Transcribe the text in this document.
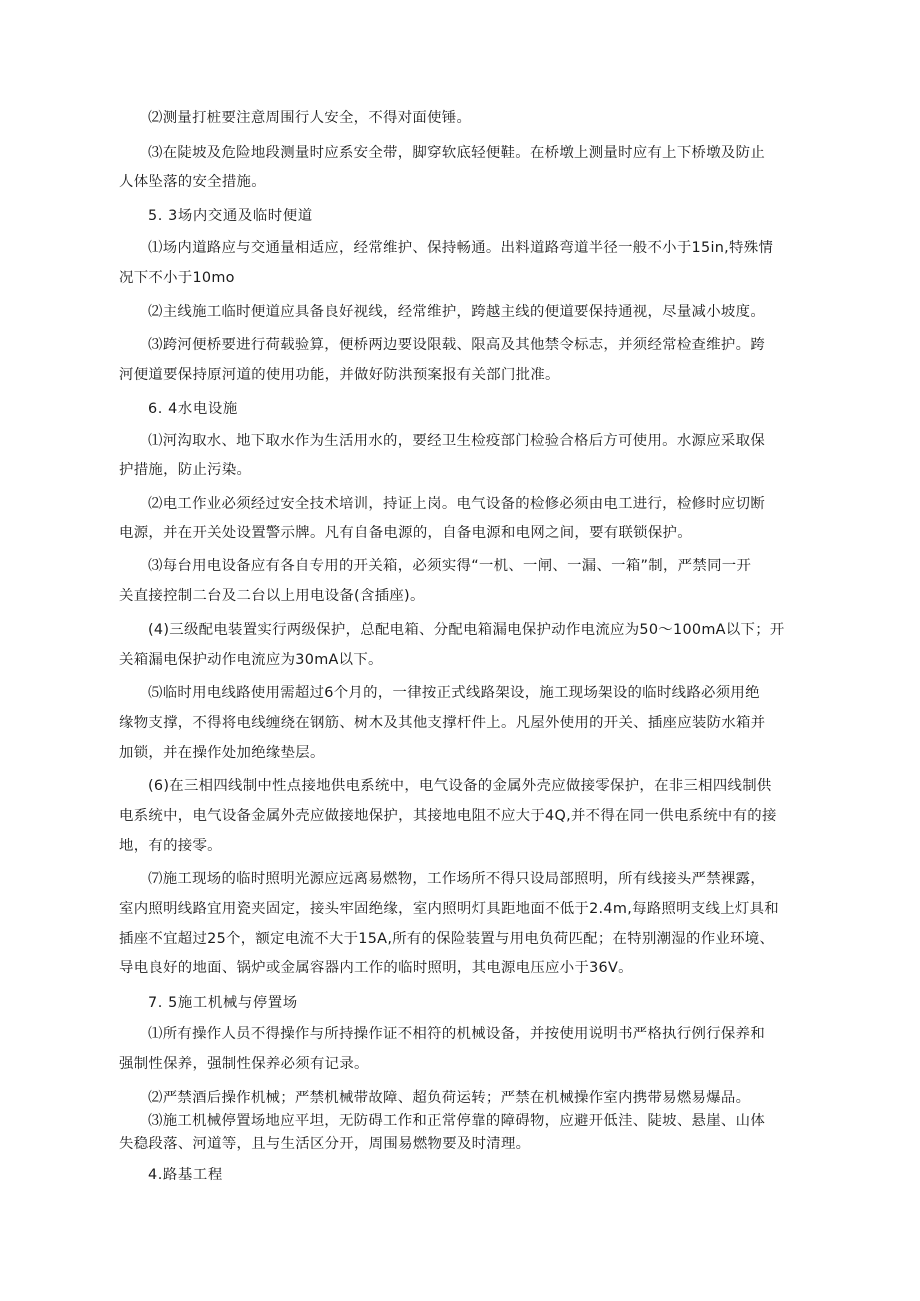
⑵测量打桩要注意周围行人安全，不得对面使锤。
⑶在陡坡及危险地段测量时应系安全带，脚穿软底轻便鞋。在桥墩上测量时应有上下桥墩及防止
人体坠落的安全措施。
5. 3场内交通及临时便道
⑴场内道路应与交通量相适应，经常维护、保持畅通。出料道路弯道半径一般不小于15in,特殊情
况下不小于10mo
⑵主线施工临时便道应具备良好视线，经常维护，跨越主线的便道要保持通视，尽量减小坡度。
⑶跨河便桥要进行荷载验算，便桥两边要设限载、限高及其他禁令标志，并须经常检查维护。跨
河便道要保持原河道的使用功能，并做好防洪预案报有关部门批准。
6. 4水电设施
⑴河沟取水、地下取水作为生活用水的，要经卫生检疫部门检验合格后方可使用。水源应采取保
护措施，防止污染。
⑵电工作业必须经过安全技术培训，持证上岗。电气设备的检修必须由电工进行，检修时应切断
电源，并在开关处设置警示牌。凡有自备电源的，自备电源和电网之间，要有联锁保护。
⑶每台用电设备应有各自专用的开关箱，必须实得“一机、一闸、一漏、一箱”制，严禁同一开
关直接控制二台及二台以上用电设备(含插座)。
(4)三级配电装置实行两级保护，总配电箱、分配电箱漏电保护动作电流应为50〜100mA以下；开
关箱漏电保护动作电流应为30mA以下。
⑸临时用电线路使用需超过6个月的，一律按正式线路架设，施工现场架设的临时线路必须用绝
缘物支撑，不得将电线缠绕在钢筋、树木及其他支撑杆件上。凡屋外使用的开关、插座应装防水箱并
加锁，并在操作处加绝缘垫层。
(6)在三相四线制中性点接地供电系统中，电气设备的金属外壳应做接零保护，在非三相四线制供
电系统中，电气设备金属外壳应做接地保护，其接地电阻不应大于4Q,并不得在同一供电系统中有的接
地，有的接零。
⑺施工现场的临时照明光源应远离易燃物，工作场所不得只设局部照明，所有线接头严禁裸露，
室内照明线路宜用瓷夹固定，接头牢固绝缘，室内照明灯具距地面不低于2.4m,每路照明支线上灯具和
插座不宜超过25个，额定电流不大于15A,所有的保险装置与用电负荷匹配；在特别潮湿的作业环境、
导电良好的地面、锅炉或金属容器内工作的临时照明，其电源电压应小于36V。
7. 5施工机械与停置场
⑴所有操作人员不得操作与所持操作证不相符的机械设备，并按使用说明书严格执行例行保养和
强制性保养，强制性保养必须有记录。
⑵严禁酒后操作机械；严禁机械带故障、超负荷运转；严禁在机械操作室内携带易燃易爆品。
⑶施工机械停置场地应平坦，无防碍工作和正常停靠的障碍物，应避开低洼、陡坡、悬崖、山体
失稳段落、河道等，且与生活区分开，周围易燃物要及时清理。
4.路基工程
